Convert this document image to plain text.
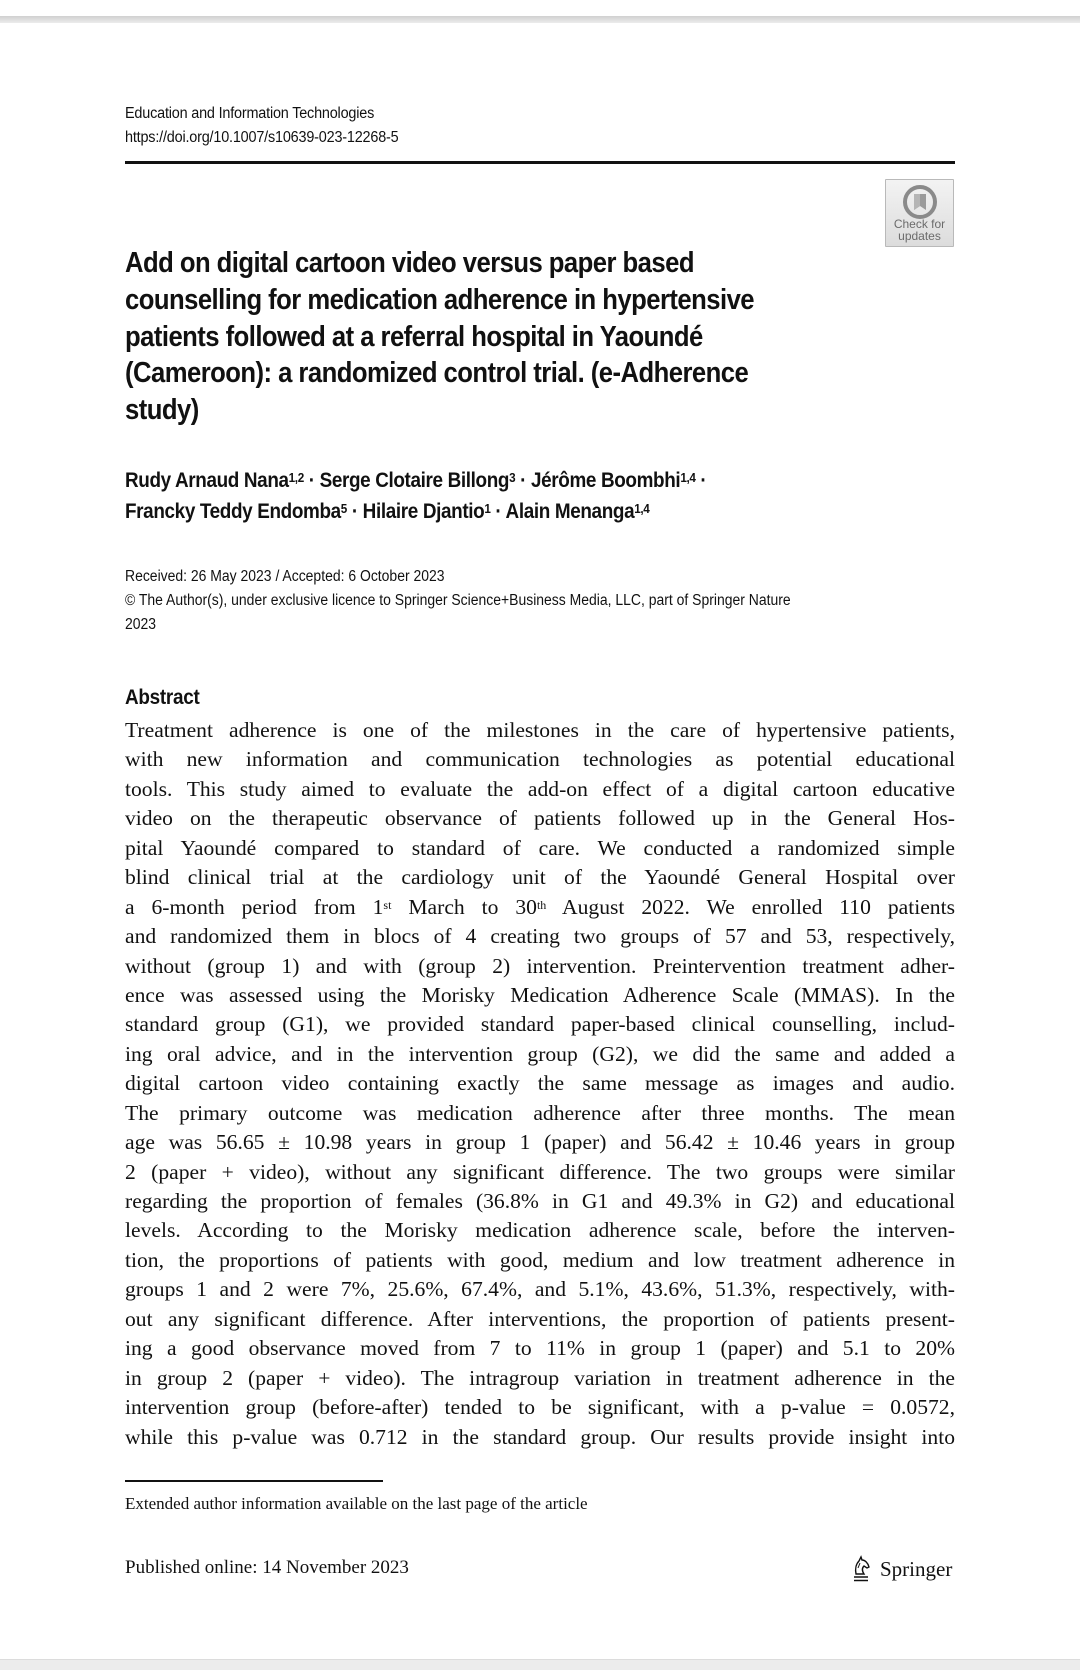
Education and Information Technologies
https://doi.org/10.1007/s10639-023-12268-5
Check for
updates
Add on digital cartoon video versus paper based
counselling for medication adherence in hypertensive
patients followed at a referral hospital in Yaoundé
(Cameroon): a randomized control trial. (e-Adherence
study)
Rudy Arnaud Nana$^{1,2}$ · Serge Clotaire Billong$^3$ · Jérôme Boombhi$^{1,4}$ ·
Francky Teddy Endomba$^5$ · Hilaire Djantio$^1$ · Alain Menanga$^{1,4}$
Received: 26 May 2023 / Accepted: 6 October 2023
© The Author(s), under exclusive licence to Springer Science+Business Media, LLC, part of Springer Nature
2023
Abstract
Treatment adherence is one of the milestones in the care of hypertensive patients,
with new information and communication technologies as potential educational
tools. This study aimed to evaluate the add-on effect of a digital cartoon educative
video on the therapeutic observance of patients followed up in the General Hos-
pital Yaoundé compared to standard of care. We conducted a randomized simple
blind clinical trial at the cardiology unit of the Yaoundé General Hospital over
a 6-month period from 1st March to 30th August 2022. We enrolled 110 patients
and randomized them in blocs of 4 creating two groups of 57 and 53, respectively,
without (group 1) and with (group 2) intervention. Preintervention treatment adher-
ence was assessed using the Morisky Medication Adherence Scale (MMAS). In the
standard group (G1), we provided standard paper-based clinical counselling, includ-
ing oral advice, and in the intervention group (G2), we did the same and added a
digital cartoon video containing exactly the same message as images and audio.
The primary outcome was medication adherence after three months. The mean
age was 56.65 ± 10.98 years in group 1 (paper) and 56.42 ± 10.46 years in group
2 (paper + video), without any significant difference. The two groups were similar
regarding the proportion of females (36.8% in G1 and 49.3% in G2) and educational
levels. According to the Morisky medication adherence scale, before the interven-
tion, the proportions of patients with good, medium and low treatment adherence in
groups 1 and 2 were 7%, 25.6%, 67.4%, and 5.1%, 43.6%, 51.3%, respectively, with-
out any significant difference. After interventions, the proportion of patients present-
ing a good observance moved from 7 to 11% in group 1 (paper) and 5.1 to 20%
in group 2 (paper + video). The intragroup variation in treatment adherence in the
intervention group (before-after) tended to be significant, with a p-value = 0.0572,
while this p-value was 0.712 in the standard group. Our results provide insight into
Extended author information available on the last page of the article
Published online: 14 November 2023	Springer
